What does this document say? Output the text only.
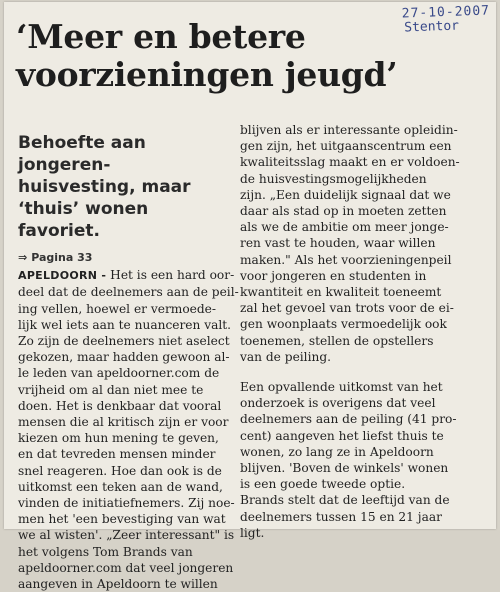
27-10-2007
Stentor
‘Meer en betere
voorzieningen jeugd’
Behoefte aan jongeren-
huisvesting, maar
‘thuis’ wonen favoriet.
⇒ Pagina 33
APELDOORN - Het is een hard oor-
deel dat de deelnemers aan de peil-
ing vellen, hoewel er vermoede-
lijk wel iets aan te nuanceren valt.
Zo zijn de deelnemers niet aselect
gekozen, maar hadden gewoon al-
le leden van apeldoorner.com de
vrijheid om al dan niet mee te
doen. Het is denkbaar dat vooral
mensen die al kritisch zijn er voor
kiezen om hun mening te geven,
en dat tevreden mensen minder
snel reageren. Hoe dan ook is de
uitkomst een teken aan de wand,
vinden de initiatiefnemers. Zij noe-
men het 'een bevestiging van wat
we al wisten'. „Zeer interessant" is
het volgens Tom Brands van
apeldoorner.com dat veel jongeren
aangeven in Apeldoorn te willen
blijven als er interessante opleidin-
gen zijn, het uitgaanscentrum een
kwaliteitsslag maakt en er voldoen-
de huisvestingsmogelijkheden
zijn. „Een duidelijk signaal dat we
daar als stad op in moeten zetten
als we de ambitie om meer jonge-
ren vast te houden, waar willen
maken." Als het voorzieningenpeil
voor jongeren en studenten in
kwantiteit en kwaliteit toeneemt
zal het gevoel van trots voor de ei-
gen woonplaats vermoedelijk ook
toenemen, stellen de opstellers
van de peiling.
Een opvallende uitkomst van het
onderzoek is overigens dat veel
deelnemers aan de peiling (41 pro-
cent) aangeven het liefst thuis te
wonen, zo lang ze in Apeldoorn
blijven. 'Boven de winkels' wonen
is een goede tweede optie.
Brands stelt dat de leeftijd van de
deelnemers tussen 15 en 21 jaar
ligt.
